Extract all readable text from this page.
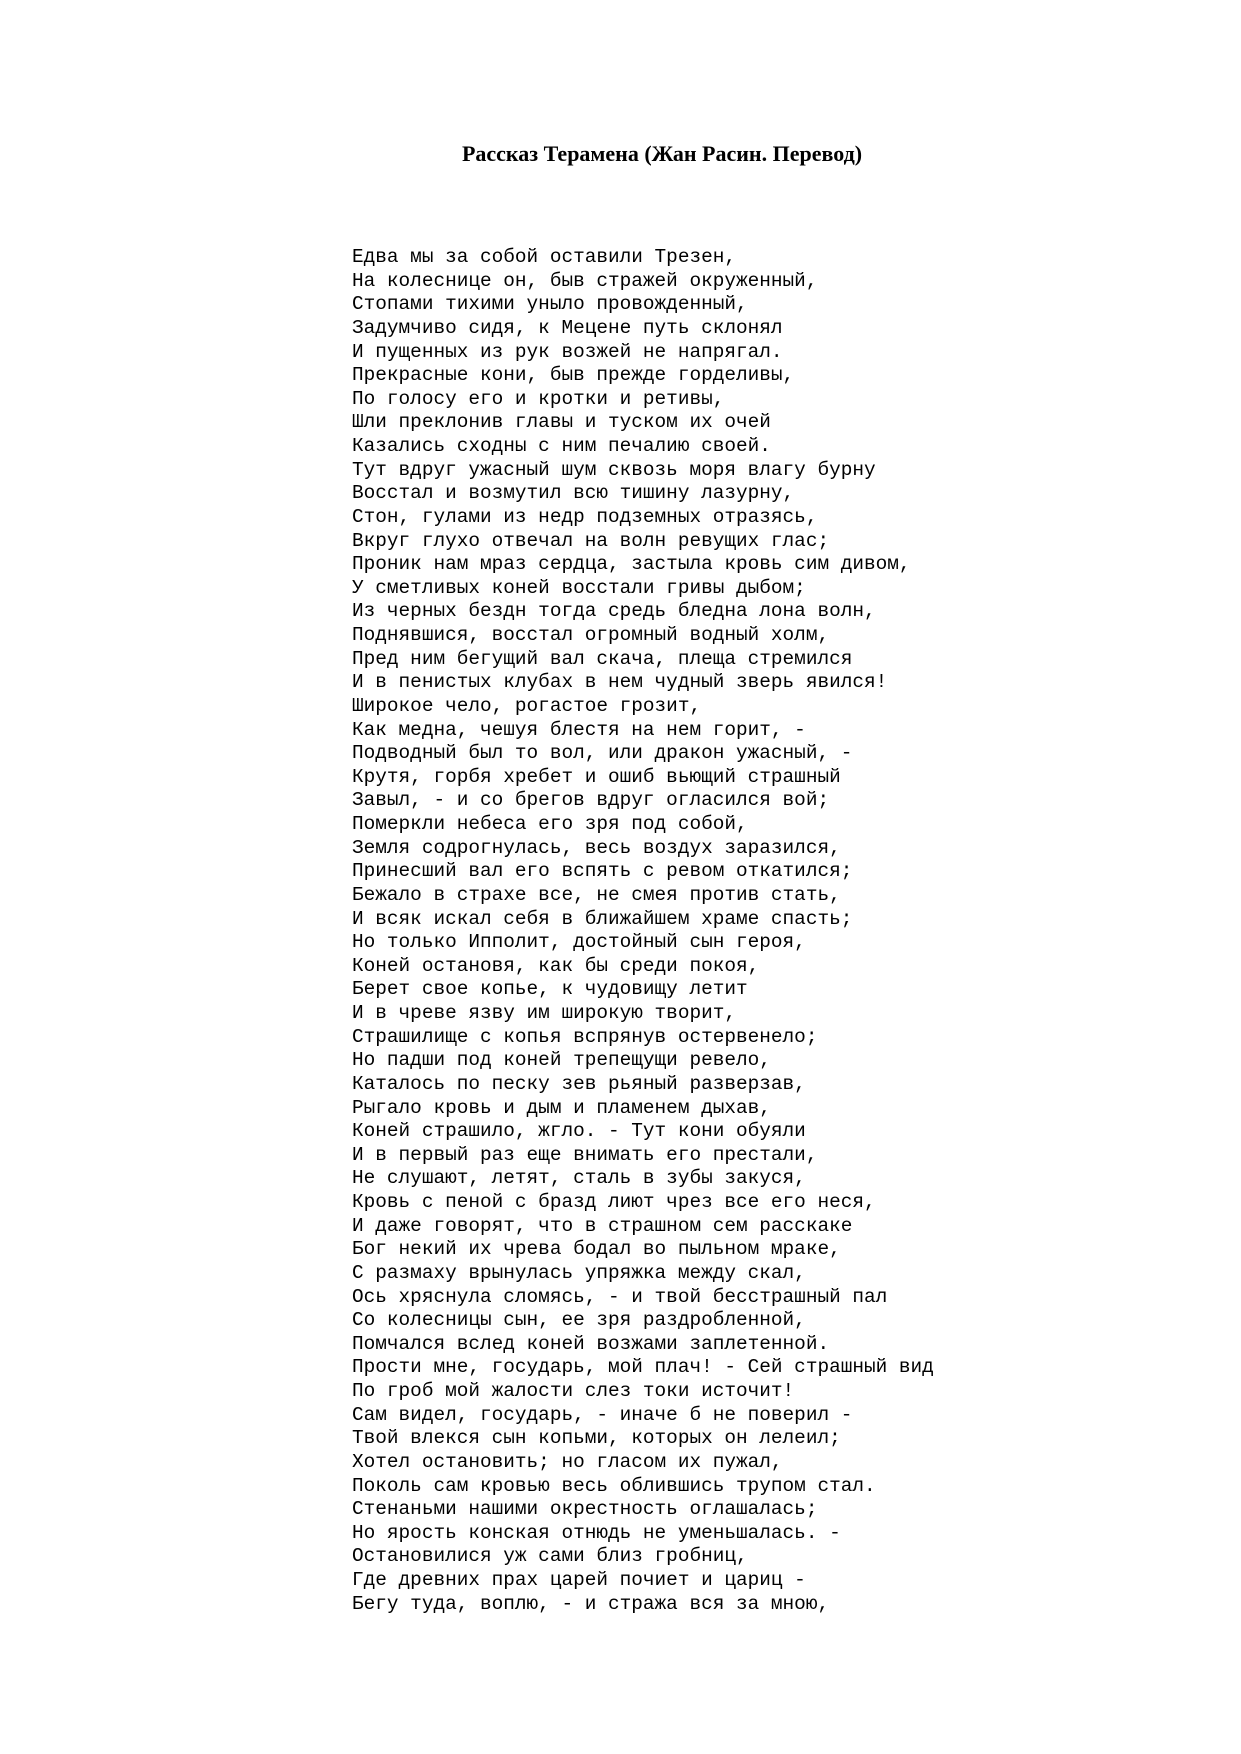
Рассказ Терамена (Жан Расин. Перевод)
Едва мы за собой оставили Трезен,
На колеснице он, быв стражей окруженный,
Стопами тихими уныло провожденный,
Задумчиво сидя, к Мецене путь склонял
И пущенных из рук возжей не напрягал.
Прекрасные кони, быв прежде горделивы,
По голосу его и кротки и ретивы,
Шли преклонив главы и туском их очей
Казались сходны с ним печалию своей.
Тут вдруг ужасный шум сквозь моря влагу бурну
Восстал и возмутил всю тишину лазурну,
Стон, гулами из недр подземных отразясь,
Вкруг глухо отвечал на волн ревущих глас;
Проник нам мраз сердца, застыла кровь сим дивом,
У сметливых коней восстали гривы дыбом;
Из черных бездн тогда средь бледна лона волн,
Поднявшися, восстал огромный водный холм,
Пред ним бегущий вал скача, плеща стремился
И в пенистых клубах в нем чудный зверь явился!
Широкое чело, рогастое грозит,
Как медна, чешуя блестя на нем горит, -
Подводный был то вол, или дракон ужасный, -
Крутя, горбя хребет и ошиб вьющий страшный
Завыл, - и со брегов вдруг огласился вой;
Померкли небеса его зря под собой,
Земля содрогнулась, весь воздух заразился,
Принесший вал его вспять с ревом откатился;
Бежало в страхе все, не смея против стать,
И всяк искал себя в ближайшем храме спасть;
Но только Ипполит, достойный сын героя,
Коней остановя, как бы среди покоя,
Берет свое копье, к чудовищу летит
И в чреве язву им широкую творит,
Страшилище с копья вспрянув остервенело;
Но падши под коней трепещущи ревело,
Каталось по песку зев рьяный разверзав,
Рыгало кровь и дым и пламенем дыхав,
Коней страшило, жгло. - Тут кони обуяли
И в первый раз еще внимать его престали,
Не слушают, летят, сталь в зубы закуся,
Кровь с пеной с бразд лиют чрез все его неся,
И даже говорят, что в страшном сем расскаке
Бог некий их чрева бодал во пыльном мраке,
С размаху врынулась упряжка между скал,
Ось хряснула сломясь, - и твой бесстрашный пал
Со колесницы сын, ее зря раздробленной,
Помчался вслед коней возжами заплетенной.
Прости мне, государь, мой плач! - Сей страшный вид
По гроб мой жалости слез токи источит!
Сам видел, государь, - иначе б не поверил -
Твой влекся сын копьми, которых он лелеил;
Хотел остановить; но гласом их пужал,
Поколь сам кровью весь облившись трупом стал.
Стенаньми нашими окрестность оглашалась;
Но ярость конская отнюдь не уменьшалась. -
Остановилися уж сами близ гробниц,
Где древних прах царей почиет и цариц -
Бегу туда, воплю, - и стража вся за мною,
